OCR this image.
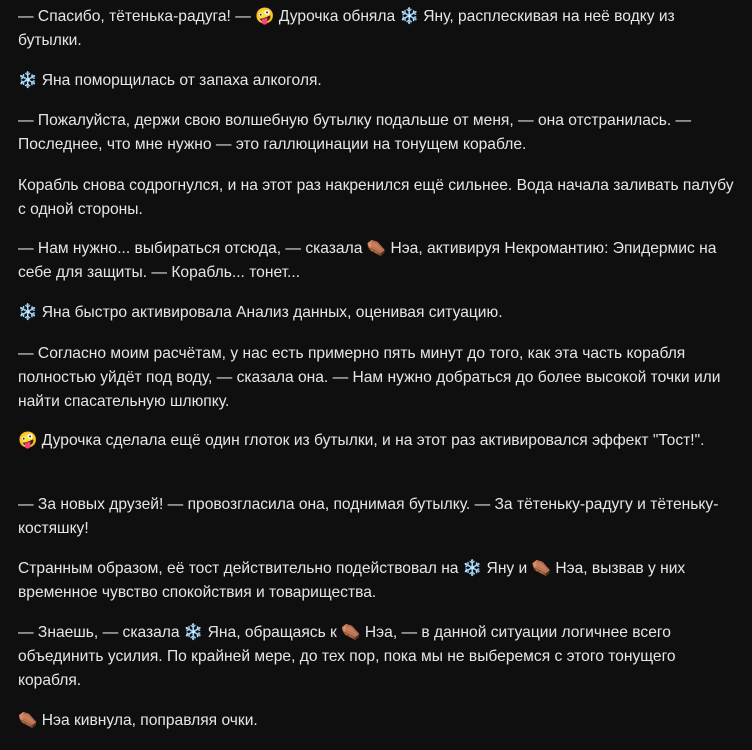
— Спасибо, тётенька-радуга! — 🤪 Дурочка обняла ❄️ Яну, расплескивая на неё водку из бутылки.

❄️ Яна поморщилась от запаха алкоголя.

— Пожалуйста, держи свою волшебную бутылку подальше от меня, — она отстранилась. — Последнее, что мне нужно — это галлюцинации на тонущем корабле.

Корабль снова содрогнулся, и на этот раз накренился ещё сильнее. Вода начала заливать палубу с одной стороны.

— Нам нужно... выбираться отсюда, — сказала ⚰️ Нэа, активируя Некромантию: Эпидермис на себе для защиты. — Корабль... тонет...

❄️ Яна быстро активировала Анализ данных, оценивая ситуацию.

— Согласно моим расчётам, у нас есть примерно пять минут до того, как эта часть корабля полностью уйдёт под воду, — сказала она. — Нам нужно добраться до более высокой точки или найти спасательную шлюпку.

🤪 Дурочка сделала ещё один глоток из бутылки, и на этот раз активировался эффект "Тост!".

— За новых друзей! — провозгласила она, поднимая бутылку. — За тётеньку-радугу и тётеньку-костяшку!

Странным образом, её тост действительно подействовал на ❄️ Яну и ⚰️ Нэа, вызвав у них временное чувство спокойствия и товарищества.

— Знаешь, — сказала ❄️ Яна, обращаясь к ⚰️ Нэа, — в данной ситуации логичнее всего объединить усилия. По крайней мере, до тех пор, пока мы не выберемся с этого тонущего корабля.

⚰️ Нэа кивнула, поправляя очки.
